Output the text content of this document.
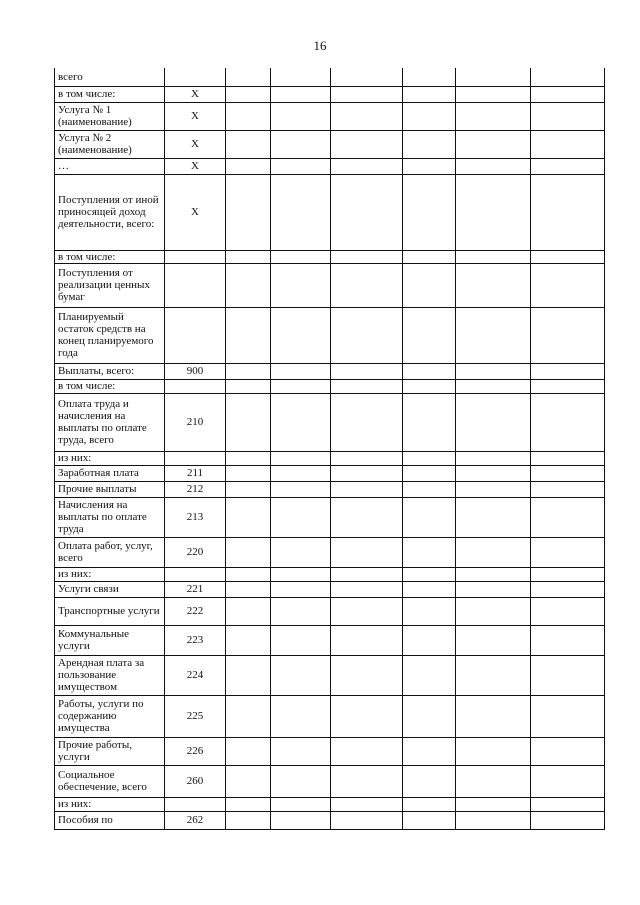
16
всего							
в том числе:	Х						
Услуга № 1 (наименование)	Х						
Услуга № 2 (наименование)	Х						
…	Х						
Поступления от иной приносящей доход деятельности, всего:	Х						
в том числе:							
Поступления от реализации ценных бумаг							
Планируемый остаток средств на конец планируемого года							
Выплаты, всего:	900						
в том числе:							
Оплата труда и начисления на выплаты по оплате труда, всего	210						
из них:							
Заработная плата	211						
Прочие выплаты	212						
Начисления на выплаты по оплате труда	213						
Оплата работ, услуг, всего	220						
из них:							
Услуги связи	221						
Транспортные услуги	222						
Коммунальные услуги	223						
Арендная плата за пользование имуществом	224						
Работы, услуги по содержанию имущества	225						
Прочие работы, услуги	226						
Социальное обеспечение, всего	260						
из них:							
Пособия по	262						
